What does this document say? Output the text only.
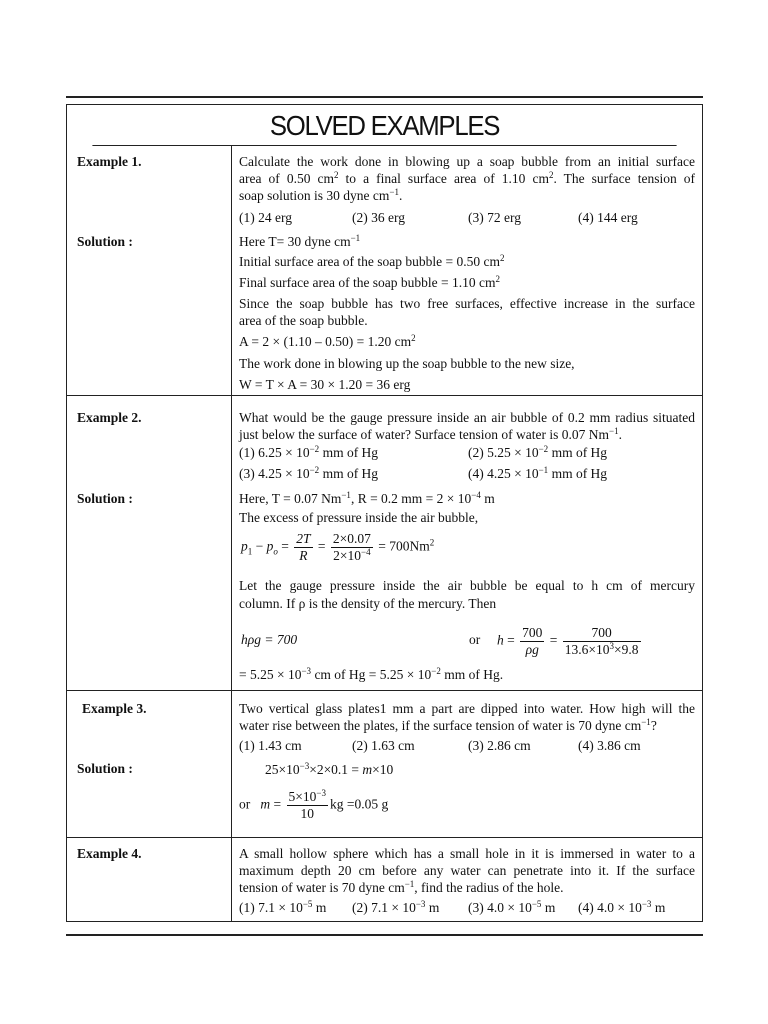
SOLVED EXAMPLES
Example 1.	Calculate the work done in blowing up a soap bubble from an initial surface
area of 0.50 $cm^2$ to a final surface area of 1.10 $cm^2$. The surface tension of
soap solution is 30 dyne $cm^{-1}$.
(1) 24 erg	(2) 36 erg	(3) 72 erg	(4) 144 erg
Solution :	Here T= 30 dyne $cm^{-1}$
Initial surface area of the soap bubble = 0.50 $cm^2$
Final surface area of the soap bubble = 1.10 $cm^2$
Since the soap bubble has two free surfaces, effective increase in the surface
area of the soap bubble.
A = 2 × (1.10 – 0.50) = 1.20 $cm^2$
The work done in blowing up the soap bubble to the new size,
W = T × A = 30 × 1.20 = 36 erg
Example 2.	What would be the gauge pressure inside an air bubble of 0.2 mm radius situated
just below the surface of water? Surface tension of water is 0.07 $Nm^{-1}$.
(1) $6.25 \times 10^{-2}$ mm of Hg	(2) $5.25 \times 10^{-2}$ mm of Hg
(3) $4.25 \times 10^{-2}$ mm of Hg	(4) $4.25 \times 10^{-1}$ mm of Hg
Solution :	Here, T = 0.07 $Nm^{-1}$, R = 0.2 mm = $2 \times 10^{-4}$ m
The excess of pressure inside the air bubble,
$p_1 - p_o = \frac{2T}{R} = \frac{2\times 0.07}{2\times 10^{-4}} = 700Nm^2$
Let the gauge pressure inside the air bubble be equal to h cm of mercury
column. If ρ is the density of the mercury. Then
hρg = 700	or $h = \frac{700}{\rho g} = \frac{700}{13.6\times 10^3\times 9.8}$
= $5.25 \times 10^{-3}$ cm of $Hg = 5.25 \times 10^{-2}$ mm of Hg.
Example 3.	Two vertical glass plates1 mm a part are dipped into water. How high will the
water rise between the plates, if the surface tension of water is 70 dyne $cm^{-1}$?
(1) 1.43 cm	(2) 1.63 cm	(3) 2.86 cm	(4) 3.86 cm
Solution :	$25\times 10^{-3}\times 2\times 0.1 = m\times 10$
or $m = \frac{5\times 10^{-3}}{10}$ kg =0.05 g
Example 4.	A small hollow sphere which has a small hole in it is immersed in water to a
maximum depth 20 cm before any water can penetrate into it. If the surface
tension of water is 70 dyne $cm^{-1}$, find the radius of the hole.
(1) $7.1 \times 10^{-5}$ m (2) $7.1 \times 10^{-3}$ m (3) $4.0 \times 10^{-5}$ m (4) $4.0 \times 10^{-3}$ m
